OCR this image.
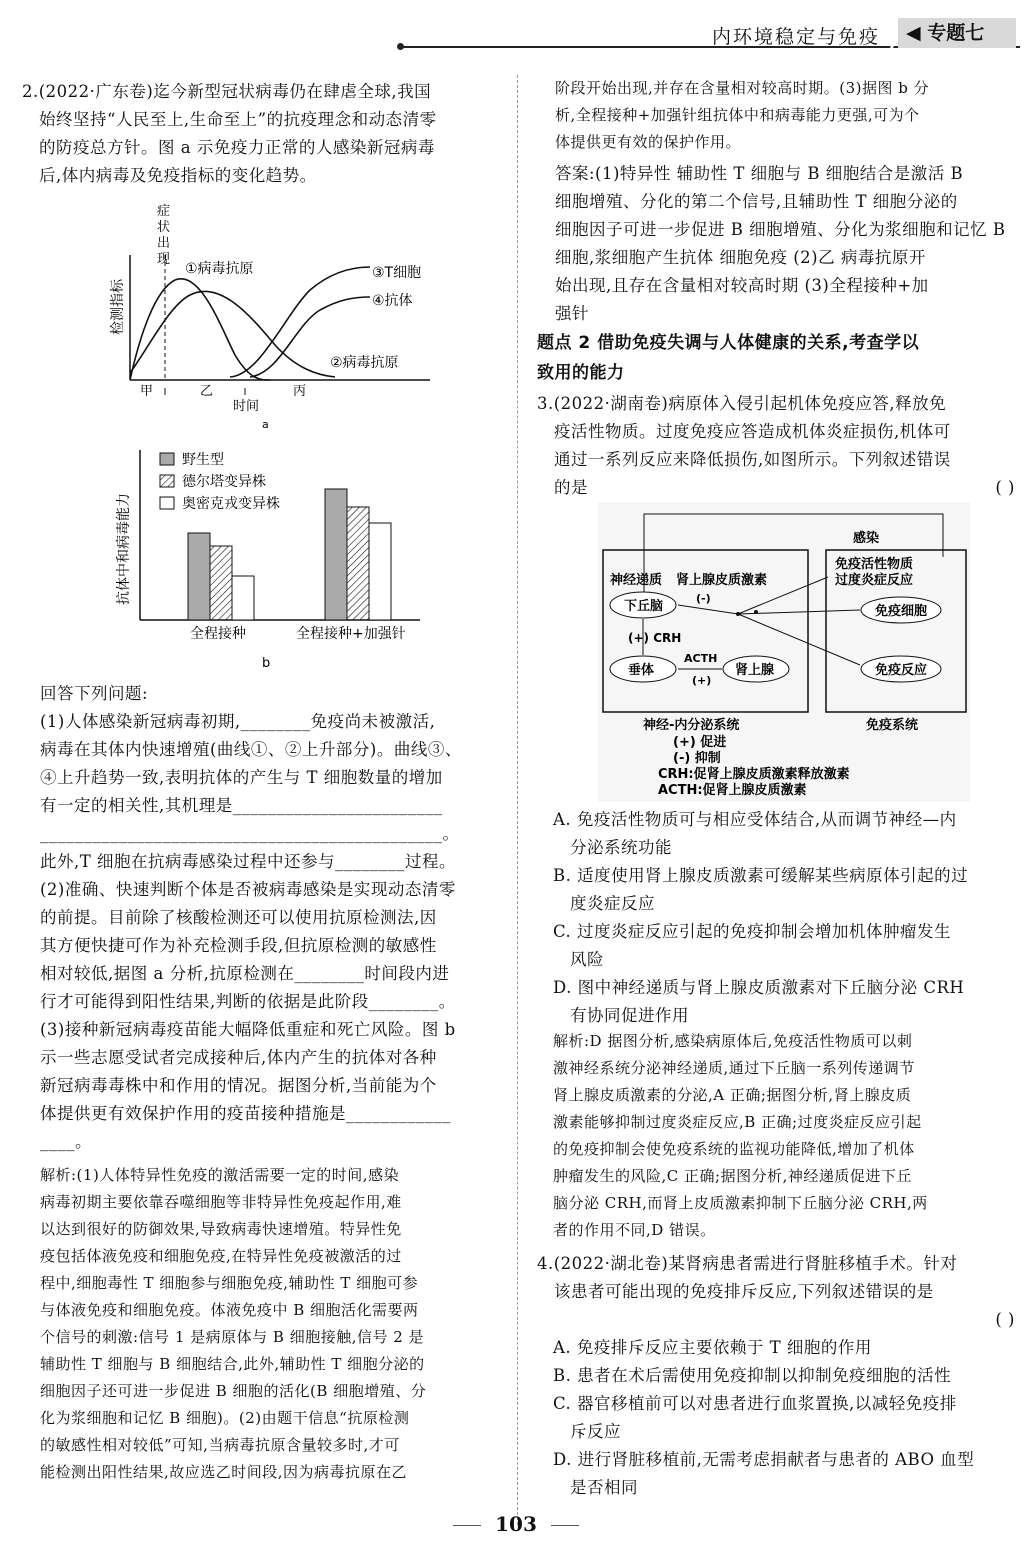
内环境稳定与免疫	◀ 专题七

2.(2022·广东卷)迄今新型冠状病毒仍在肆虐全球,我国

始终坚持“人民至上,生命至上”的抗疫理念和动态清零

的防疫总方针。图 a 示免疫力正常的人感染新冠病毒

后,体内病毒及免疫指标的变化趋势。

症
状
出
现
①病毒抗原
②病毒抗原
③T细胞
④抗体
检测指标
甲	乙	丙
时间
a
野生型
德尔塔变异株
奥密克戎变异株
抗体中和病毒能力
全程接种	全程接种+加强针
b

回答下列问题:

(1)人体感染新冠病毒初期,________免疫尚未被激活,

病毒在其体内快速增殖(曲线①、②上升部分)。曲线③、

④上升趋势一致,表明抗体的产生与 T 细胞数量的增加

有一定的相关性,其机理是________________________

______________________________________________。

此外,T 细胞在抗病毒感染过程中还参与________过程。

(2)准确、快速判断个体是否被病毒感染是实现动态清零

的前提。目前除了核酸检测还可以使用抗原检测法,因

其方便快捷可作为补充检测手段,但抗原检测的敏感性

相对较低,据图 a 分析,抗原检测在________时间段内进

行才可能得到阳性结果,判断的依据是此阶段________。

(3)接种新冠病毒疫苗能大幅降低重症和死亡风险。图 b

示一些志愿受试者完成接种后,体内产生的抗体对各种

新冠病毒毒株中和作用的情况。据图分析,当前能为个

体提供更有效保护作用的疫苗接种措施是____________

____。

解析:(1)人体特异性免疫的激活需要一定的时间,感染

病毒初期主要依靠吞噬细胞等非特异性免疫起作用,难

以达到很好的防御效果,导致病毒快速增殖。特异性免

疫包括体液免疫和细胞免疫,在特异性免疫被激活的过

程中,细胞毒性 T 细胞参与细胞免疫,辅助性 T 细胞可参

与体液免疫和细胞免疫。体液免疫中 B 细胞活化需要两

个信号的刺激:信号 1 是病原体与 B 细胞接触,信号 2 是

辅助性 T 细胞与 B 细胞结合,此外,辅助性 T 细胞分泌的

细胞因子还可进一步促进 B 细胞的活化(B 细胞增殖、分

化为浆细胞和记忆 B 细胞)。(2)由题干信息“抗原检测

的敏感性相对较低”可知,当病毒抗原含量较多时,才可

能检测出阳性结果,故应选乙时间段,因为病毒抗原在乙

阶段开始出现,并存在含量相对较高时期。(3)据图 b 分

析,全程接种+加强针组抗体中和病毒能力更强,可为个

体提供更有效的保护作用。

答案:(1)特异性 辅助性 T 细胞与 B 细胞结合是激活 B

细胞增殖、分化的第二个信号,且辅助性 T 细胞分泌的

细胞因子可进一步促进 B 细胞增殖、分化为浆细胞和记忆 B

细胞,浆细胞产生抗体 细胞免疫 (2)乙 病毒抗原开

始出现,且存在含量相对较高时期 (3)全程接种+加

强针

题点 2 借助免疫失调与人体健康的关系,考查学以

致用的能力

3.(2022·湖南卷)病原体入侵引起机体免疫应答,释放免

疫活性物质。过度免疫应答造成机体炎症损伤,机体可

通过一系列反应来降低损伤,如图所示。下列叙述错误

的是	( )

感染
免疫活性物质
过度炎症反应
神经递质 肾上腺皮质激素
下丘脑
垂体	肾上腺
免疫细胞
免疫反应
(+) CRH
ACTH
(+)
(-)
神经-内分泌系统	免疫系统
(+) 促进
(-) 抑制
CRH:促肾上腺皮质激素释放激素
ACTH:促肾上腺皮质激素

A. 免疫活性物质可与相应受体结合,从而调节神经—内

分泌系统功能

B. 适度使用肾上腺皮质激素可缓解某些病原体引起的过

度炎症反应

C. 过度炎症反应引起的免疫抑制会增加机体肿瘤发生

风险

D. 图中神经递质与肾上腺皮质激素对下丘脑分泌 CRH

有协同促进作用

解析:D 据图分析,感染病原体后,免疫活性物质可以刺

激神经系统分泌神经递质,通过下丘脑一系列传递调节

肾上腺皮质激素的分泌,A 正确;据图分析,肾上腺皮质

激素能够抑制过度炎症反应,B 正确;过度炎症反应引起

的免疫抑制会使免疫系统的监视功能降低,增加了机体

肿瘤发生的风险,C 正确;据图分析,神经递质促进下丘

脑分泌 CRH,而肾上皮质激素抑制下丘脑分泌 CRH,两

者的作用不同,D 错误。

4.(2022·湖北卷)某肾病患者需进行肾脏移植手术。针对

该患者可能出现的免疫排斥反应,下列叙述错误的是

( )

A. 免疫排斥反应主要依赖于 T 细胞的作用

B. 患者在术后需使用免疫抑制以抑制免疫细胞的活性

C. 器官移植前可以对患者进行血浆置换,以减轻免疫排

斥反应

D. 进行肾脏移植前,无需考虑捐献者与患者的 ABO 血型

是否相同

103
